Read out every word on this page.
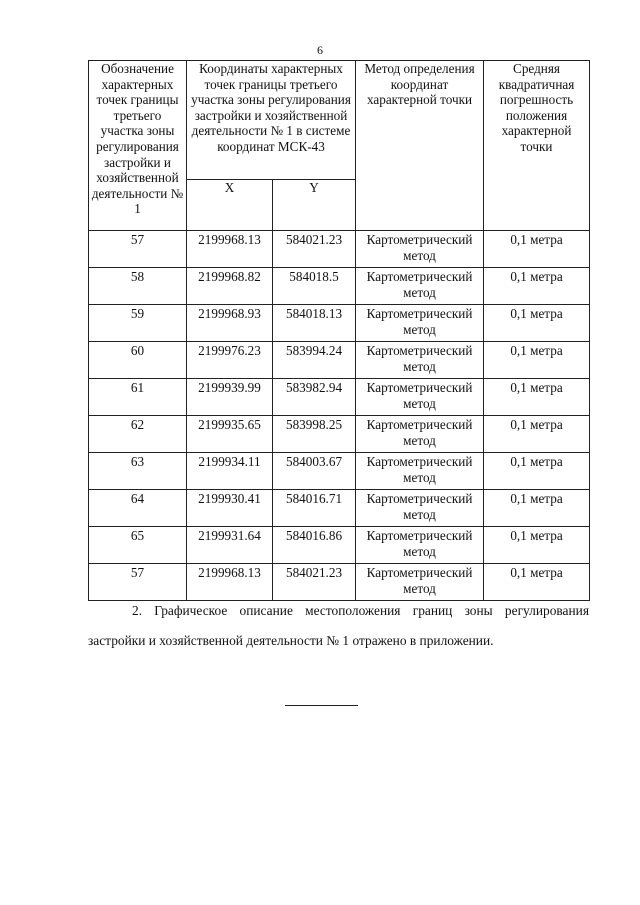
6
Обозначение характерных точек границы третьего участка зоны регулирования застройки и хозяйственной деятельности № 1	Координаты характерных точек границы третьего участка зоны регулирования застройки и хозяйственной деятельности № 1 в системе координат МСК-43		Метод определения координат характерной точки	Средняя квадратичная погрешность положения характерной точки
	X	Y		
57	2199968.13	584021.23	Картометрический метод	0,1 метра
58	2199968.82	584018.5	Картометрический метод	0,1 метра
59	2199968.93	584018.13	Картометрический метод	0,1 метра
60	2199976.23	583994.24	Картометрический метод	0,1 метра
61	2199939.99	583982.94	Картометрический метод	0,1 метра
62	2199935.65	583998.25	Картометрический метод	0,1 метра
63	2199934.11	584003.67	Картометрический метод	0,1 метра
64	2199930.41	584016.71	Картометрический метод	0,1 метра
65	2199931.64	584016.86	Картометрический метод	0,1 метра
57	2199968.13	584021.23	Картометрический метод	0,1 метра
2. Графическое описание местоположения границ зоны регулирования застройки и хозяйственной деятельности № 1 отражено в приложении.
